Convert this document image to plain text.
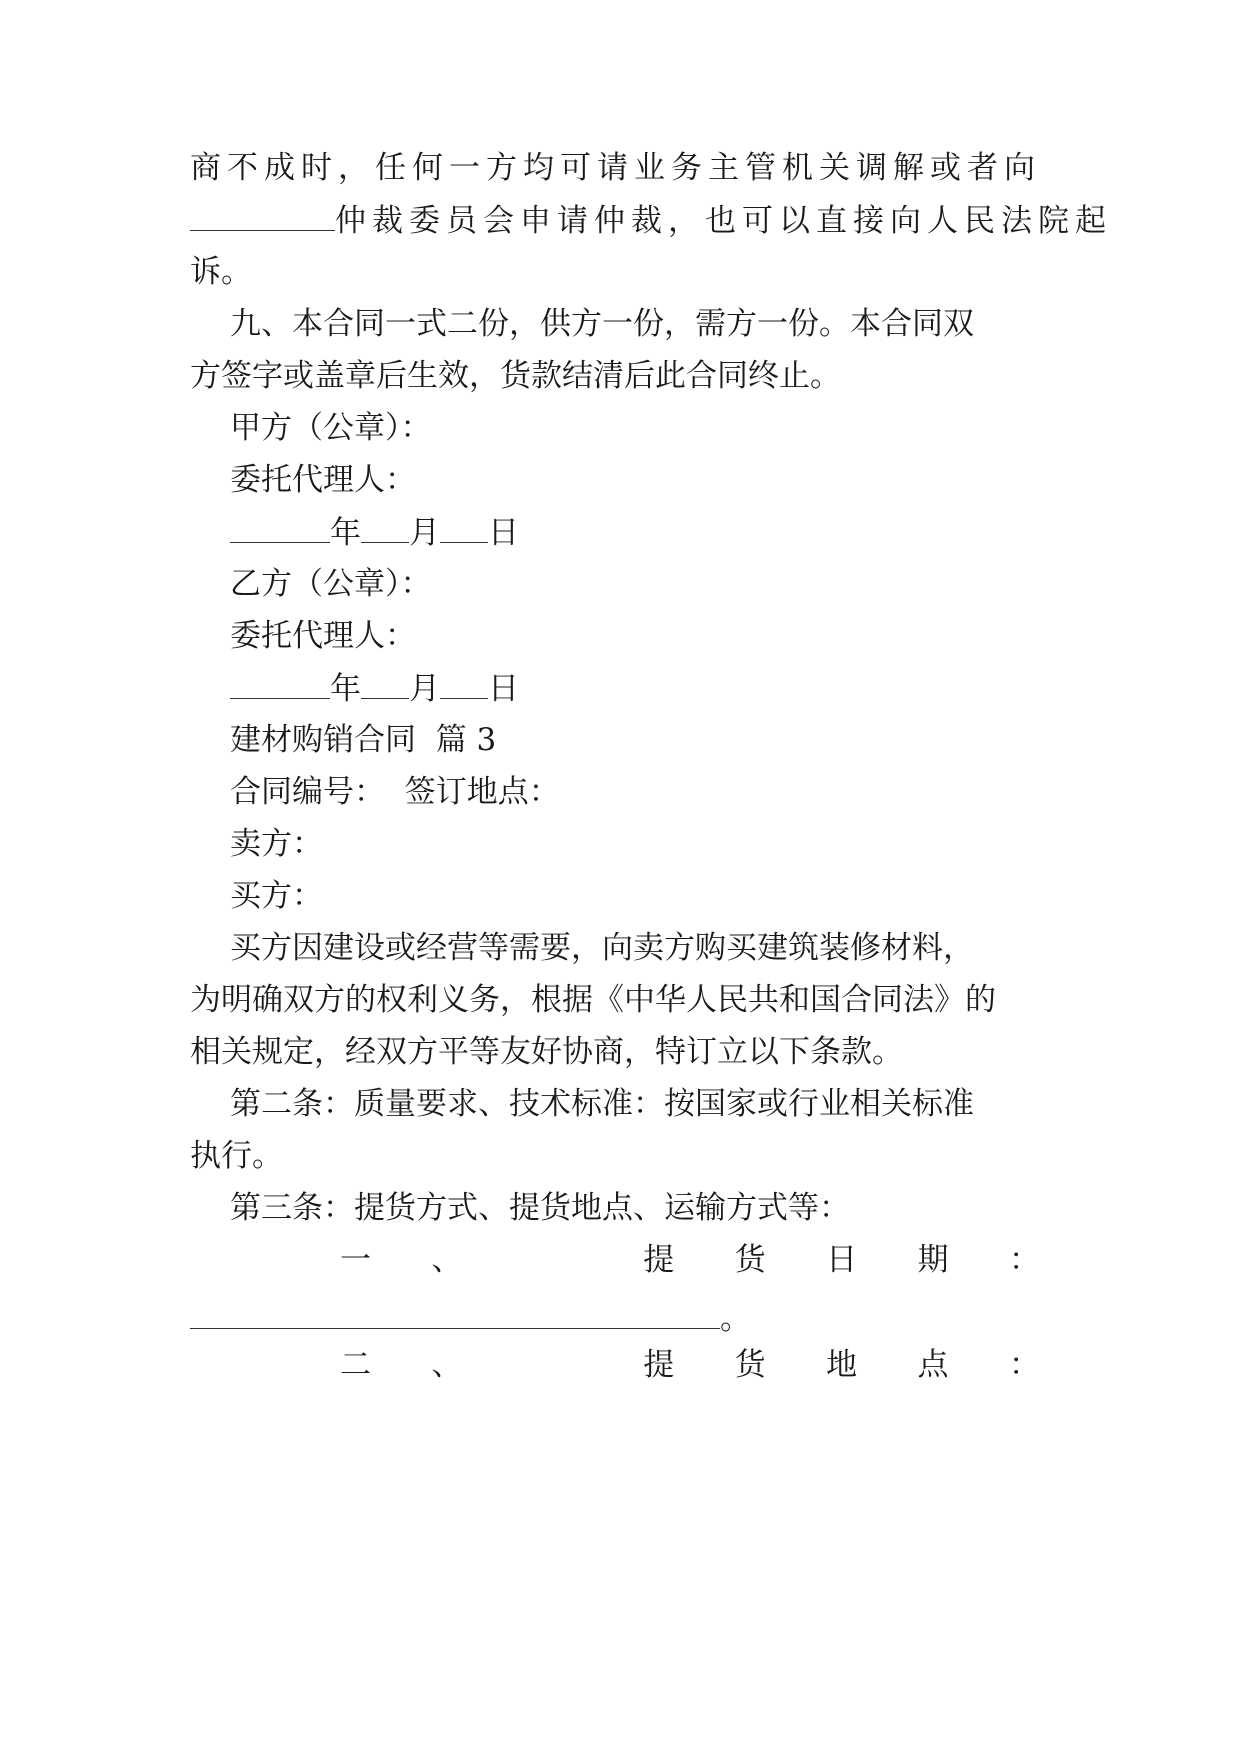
商不成时，任何一方均可请业务主管机关调解或者向
仲裁委员会申请仲裁，也可以直接向人民法院起
诉。
九、本合同一式二份，供方一份，需方一份。本合同双
方签字或盖章后生效，货款结清后此合同终止。
甲方（公章）：
委托代理人：
年 月 日
乙方（公章）：
委托代理人：
年 月 日
建材购销合同  篇 3
合同编号：  签订地点：
卖方：
买方：
买方因建设或经营等需要，向卖方购买建筑装修材料，
为明确双方的权利义务，根据《中华人民共和国合同法》的
相关规定，经双方平等友好协商，特订立以下条款。
第二条：质量要求、技术标准：按国家或行业相关标准
执行。
第三条：提货方式、提货地点、运输方式等：
一 、	提 货 日 期 ：
。
二 、	提 货 地 点 ：
